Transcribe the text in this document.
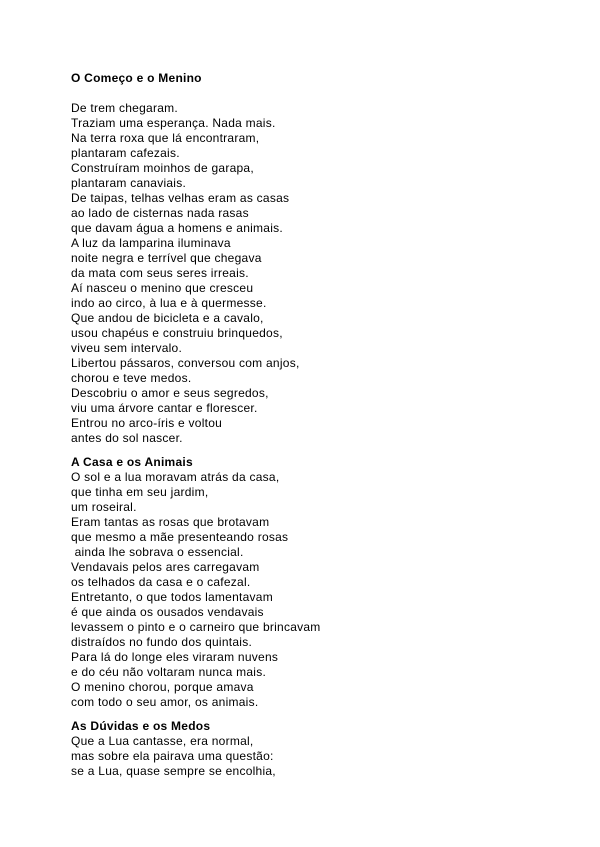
O Começo e o Menino
De trem chegaram.
Traziam uma esperança. Nada mais.
Na terra roxa que lá encontraram,
plantaram cafezais.
Construíram moinhos de garapa,
plantaram canaviais.
De taipas, telhas velhas eram as casas
ao lado de cisternas nada rasas
que davam água a homens e animais.
A luz da lamparina iluminava
noite negra e terrível que chegava
da mata com seus seres irreais.
Aí nasceu o menino que cresceu
indo ao circo, à lua e à quermesse.
Que andou de bicicleta e a cavalo,
usou chapéus e construiu brinquedos,
viveu sem intervalo.
Libertou pássaros, conversou com anjos,
chorou e teve medos.
Descobriu o amor e seus segredos,
viu uma árvore cantar e florescer.
Entrou no arco-íris e voltou
antes do sol nascer.
A Casa e os Animais
O sol e a lua moravam atrás da casa,
que tinha em seu jardim,
um roseiral.
Eram tantas as rosas que brotavam
que mesmo a mãe presenteando rosas
ainda lhe sobrava o essencial.
Vendavais pelos ares carregavam
os telhados da casa e o cafezal.
Entretanto, o que todos lamentavam
é que ainda os ousados vendavais
levassem o pinto e o carneiro que brincavam
distraídos no fundo dos quintais.
Para lá do longe eles viraram nuvens
e do céu não voltaram nunca mais.
O menino chorou, porque amava
com todo o seu amor, os animais.
As Dúvidas e os Medos
Que a Lua cantasse, era normal,
mas sobre ela pairava uma questão:
se a Lua, quase sempre se encolhia,
